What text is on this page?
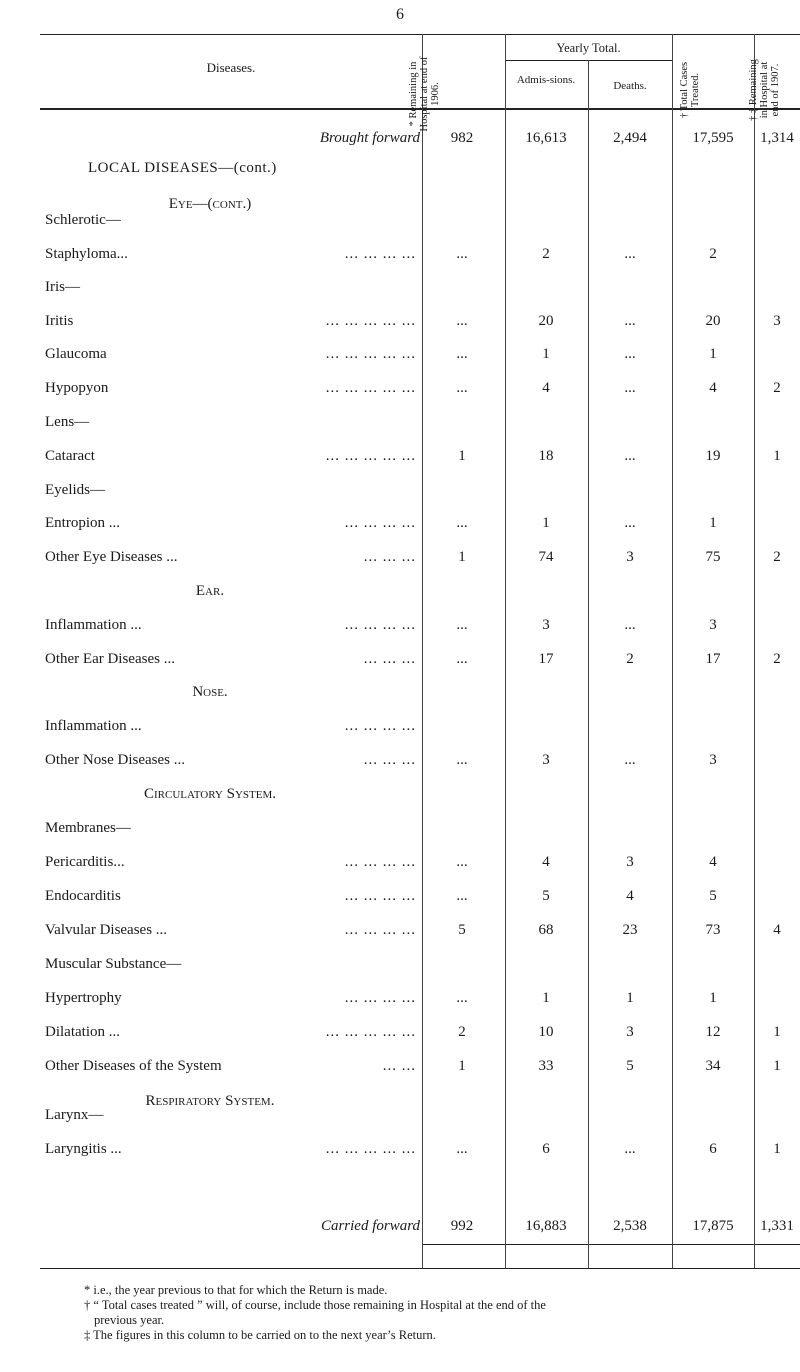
6
Diseases.	* Remaining in Hospital at end of 1906.
Yearly Total.
Admis-sions.	Deaths.	† Total Cases Treated.	† ‡ Remaining in Hospital at end of 1907.
Brought forward	982	16,613	2,494	17,595	1,314
LOCAL DISEASES—(cont.)
Eye—(cont.)
Schlerotic—
Staphyloma...	... ... ... ...	...	2	...	2
Iris—
Iritis	... ... ... ... ...	...	20	...	20	3
Glaucoma	... ... ... ... ...	...	1	...	1
Hypopyon	... ... ... ... ...	...	4	...	4	2
Lens—
Cataract	... ... ... ... ...	1	18	...	19	1
Eyelids—
Entropion ...	... ... ... ...	...	1	...	1
Other Eye Diseases ...	... ... ...	1	74	3	75	2
Ear.
Inflammation ...	... ... ... ...	...	3	...	3
Other Ear Diseases ...	... ... ...	...	17	2	17	2
Nose.
Inflammation ...	... ... ... ...
Other Nose Diseases ...	... ... ...	...	3	...	3
Circulatory System.
Membranes—
Pericarditis...	... ... ... ...	...	4	3	4
Endocarditis	... ... ... ...	...	5	4	5
Valvular Diseases ...	... ... ... ...	5	68	23	73	4
Muscular Substance—
Hypertrophy	... ... ... ...	...	1	1	1
Dilatation ...	... ... ... ... ...	2	10	3	12	1
Other Diseases of the System	... ...	1	33	5	34	1
Respiratory System.
Larynx—
Laryngitis ...	... ... ... ... ...	...	6	...	6	1
Carried forward	992	16,883	2,538	17,875	1,331

* i.e., the year previous to that for which the Return is made.

† “ Total cases treated ” will, of course, include those remaining in Hospital at the end of the

previous year.

‡ The figures in this column to be carried on to the next year’s Return.
